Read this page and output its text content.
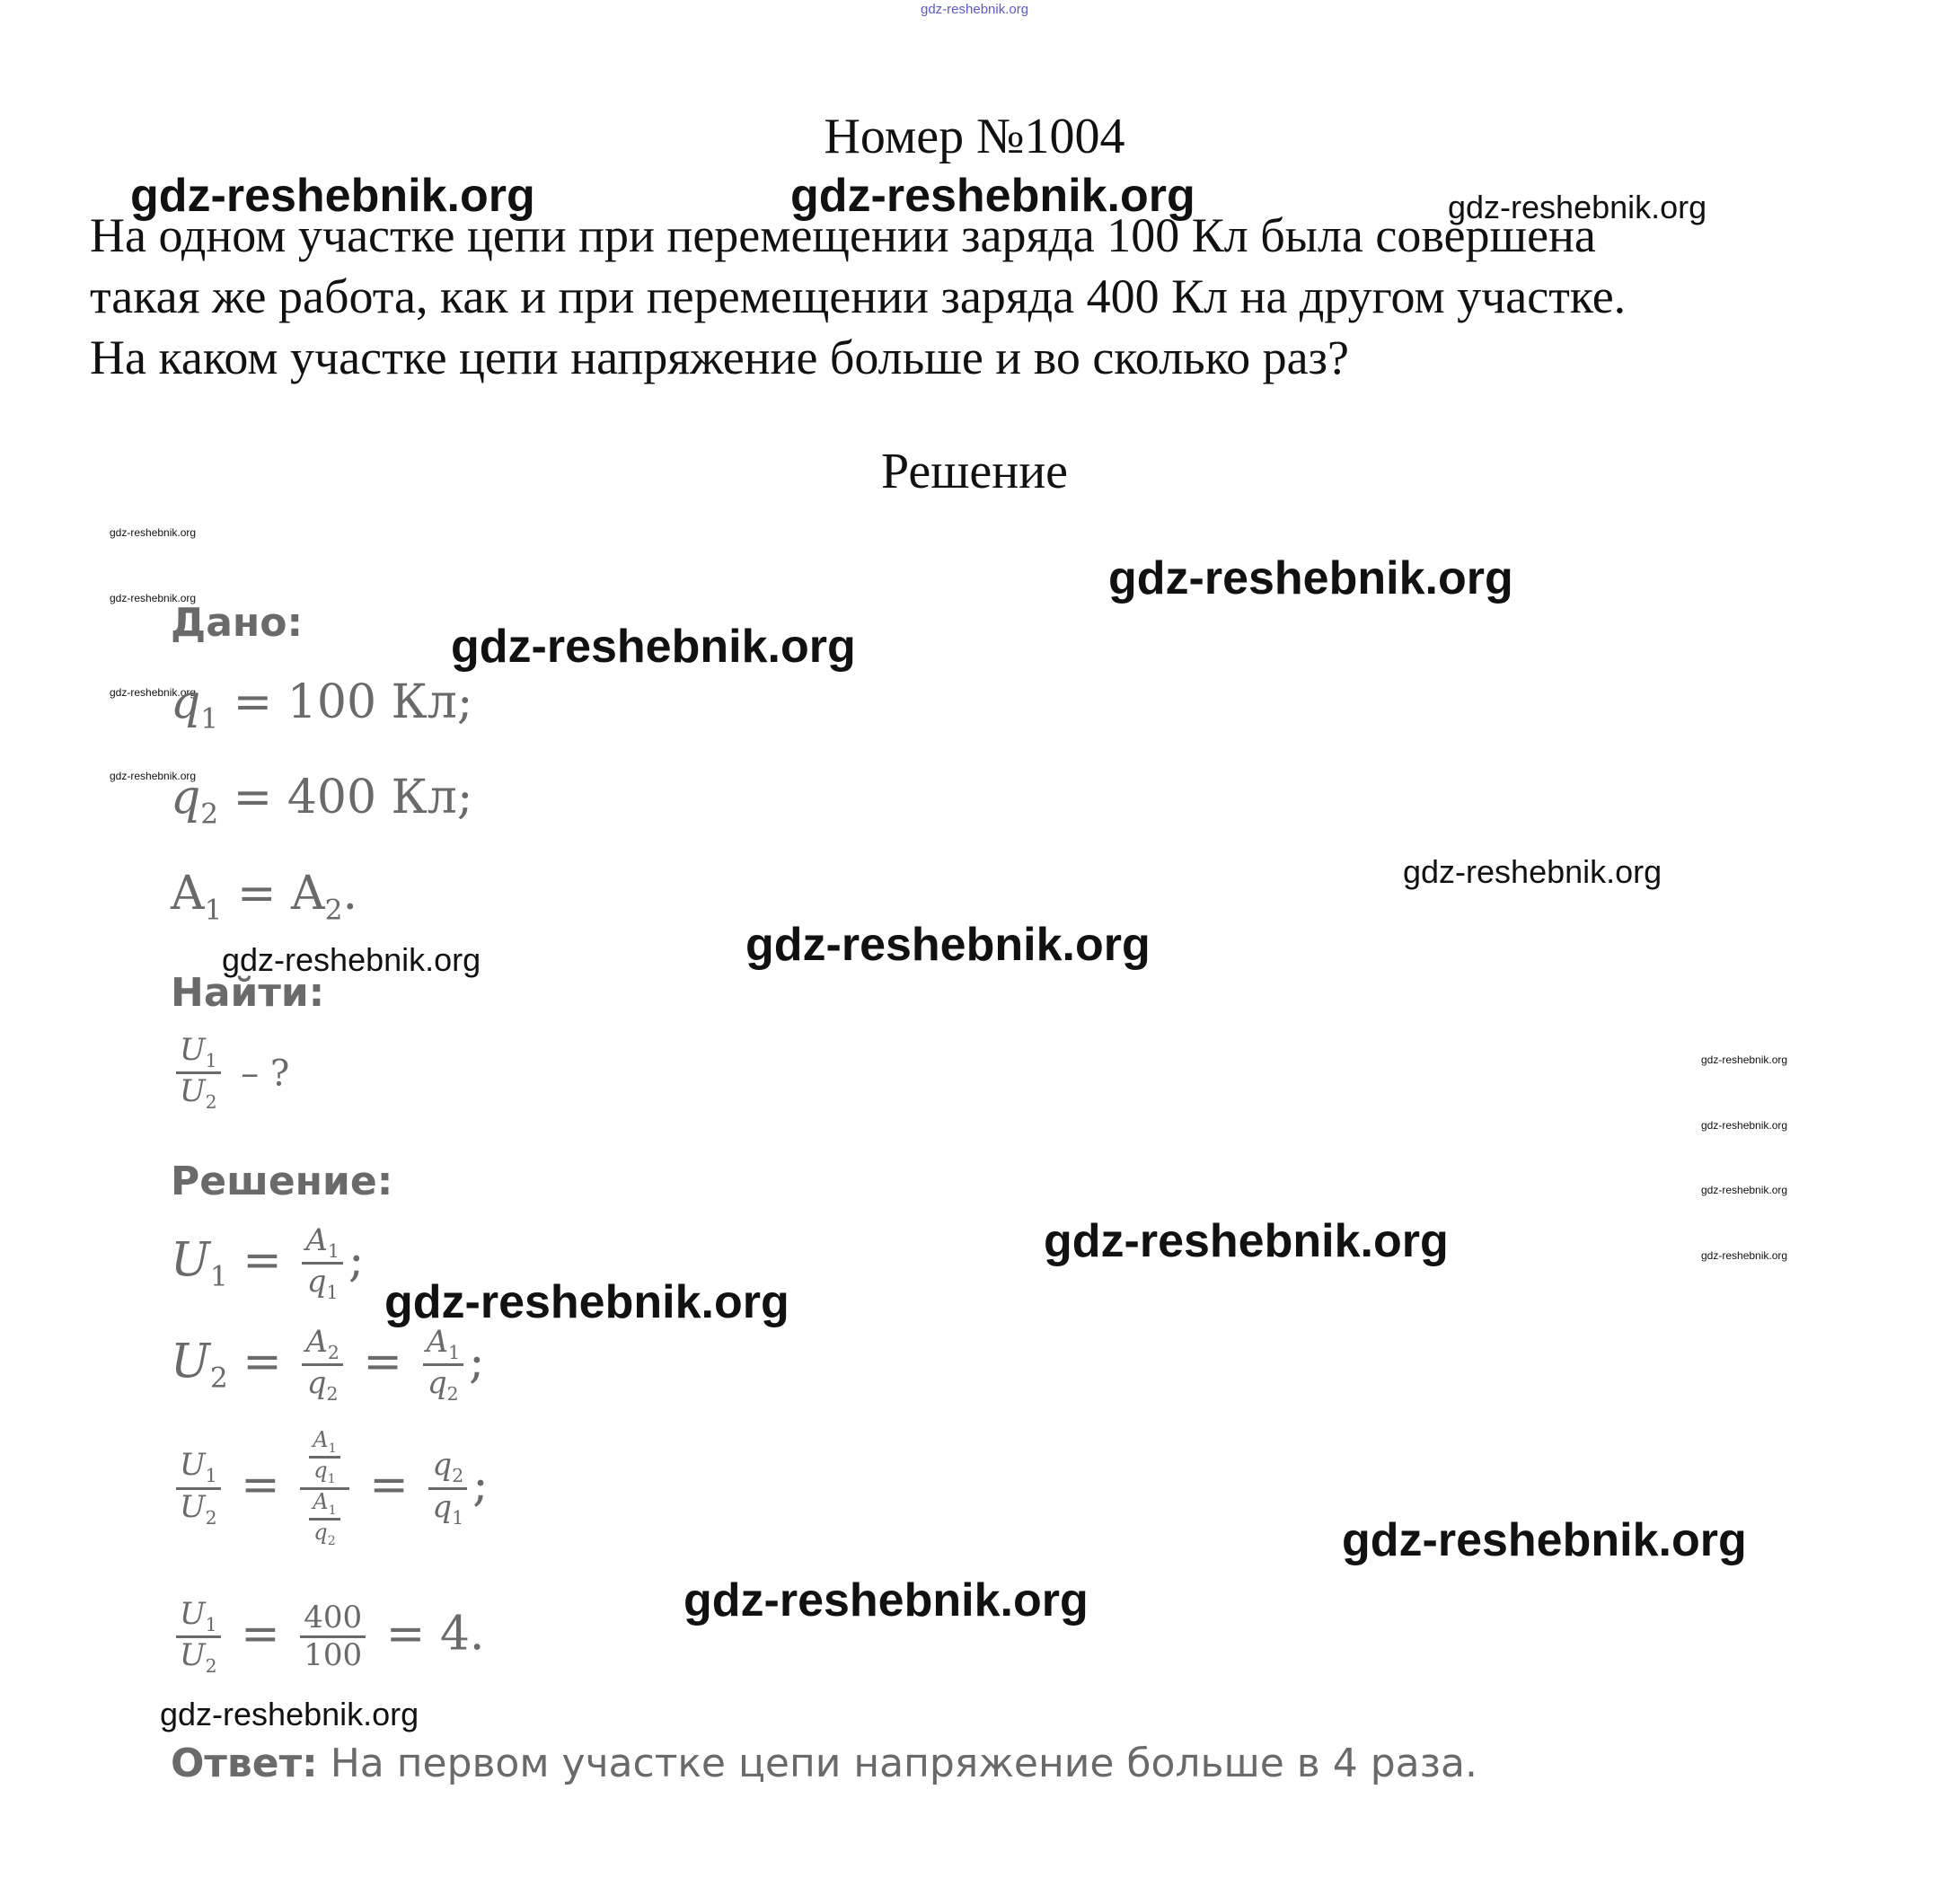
gdz-reshebnik.org
gdz-reshebnik.org	gdz-reshebnik.org	gdz-reshebnik.org
gdz-reshebnik.org
gdz-reshebnik.org
gdz-reshebnik.org
gdz-reshebnik.org
gdz-reshebnik.org
gdz-reshebnik.org
gdz-reshebnik.org
gdz-reshebnik.org
gdz-reshebnik.org
gdz-reshebnik.org
gdz-reshebnik.org
gdz-reshebnik.org
gdz-reshebnik.org
gdz-reshebnik.org
gdz-reshebnik.org
gdz-reshebnik.org
gdz-reshebnik.org
gdz-reshebnik.org
Номер №1004
На одном участке цепи при перемещении заряда 100 Кл была совершена
такая же работа, как и при перемещении заряда 400 Кл на другом участке.
На каком участке цепи напряжение больше и во сколько раз?
Решение
Дано:
$q_1 = 100$ Кл;
$q_2 = 400$ Кл;
$A_1 = A_2$.
Найти:
$\frac{U_1}{U_2}$ – ?
Решение:
$U_1 = \frac{A_1}{q_1}$ ;
$U_2 = \frac{A_2}{q_2} = \frac{A_1}{q_2}$ ;
$\frac{U_1}{U_2} = \frac{\frac{A_1}{q_1}}{\frac{A_1}{q_2}} = \frac{q_2}{q_1}$ ;
$\frac{U_1}{U_2} = \frac{400}{100} = 4$.
Ответ: На первом участке цепи напряжение больше в 4 раза.
